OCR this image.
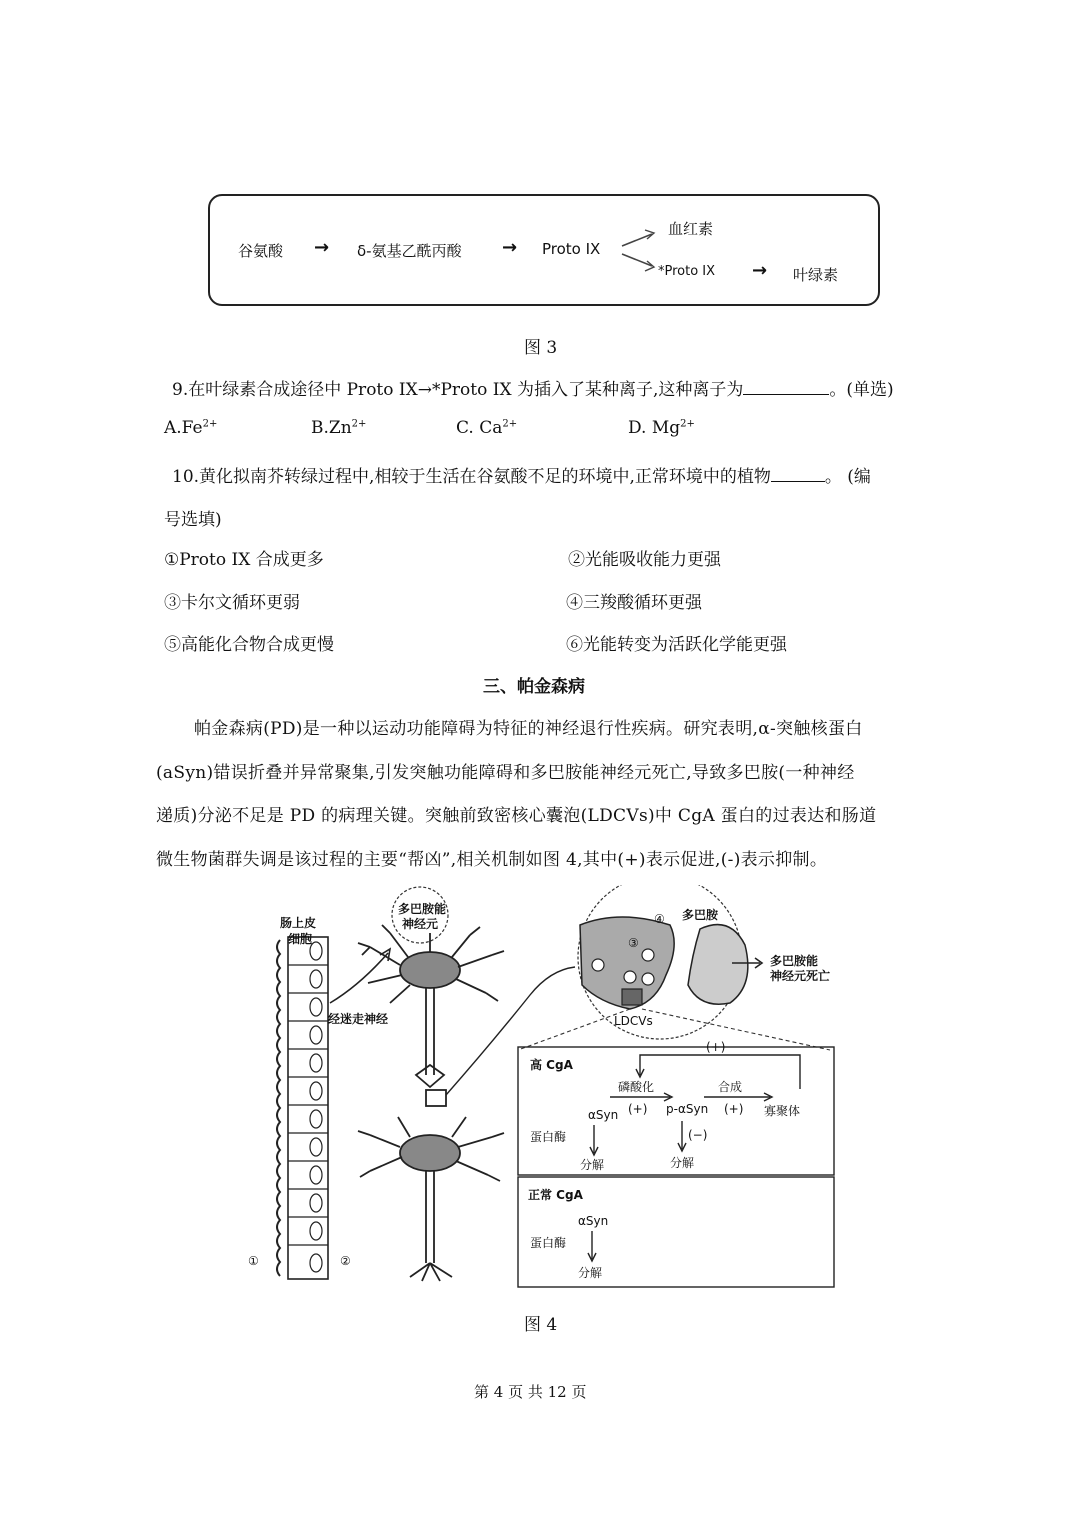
谷氨酸 → δ-氨基乙酰丙酸 → Proto IX
血红素
*Proto IX → 叶绿素
图 3
9.在叶绿素合成途径中 Proto IX→*Proto IX 为插入了某种离子,这种离子为	。(单选)
$A.Fe^{2+}$	$B.Zn^{2+}$	C. $Ca^{2+}$	D. $Mg^{2+}$
10.黄化拟南芥转绿过程中,相较于生活在谷氨酸不足的环境中,正常环境中的植物	。 (编
号选填)
①Proto IX 合成更多	②光能吸收能力更强
③卡尔文循环更弱	④三羧酸循环更强
⑤高能化合物合成更慢	⑥光能转变为活跃化学能更强
三、帕金森病
帕金森病(PD)是一种以运动功能障碍为特征的神经退行性疾病。研究表明,α-突触核蛋白
(aSyn)错误折叠并异常聚集,引发突触功能障碍和多巴胺能神经元死亡,导致多巴胺(一种神经
递质)分泌不足是 PD 的病理关键。突触前致密核心囊泡(LDCVs)中 CgA 蛋白的过表达和肠道
微生物菌群失调是该过程的主要“帮凶”,相关机制如图 4,其中(+)表示促进,(-)表示抑制。
肠上皮
细胞
①	②
经迷走神经
多巴胺能
神经元
③
④ 多巴胺
LDCVs
多巴胺能
神经元死亡
高 CgA
αSyn
磷酸化
(+) p-αSyn
合成
(+) 寡聚体
(+)
蛋白酶
分解
(−)
分解
正常 CgA
αSyn
蛋白酶
分解
图 4
第 4 页 共 12 页
